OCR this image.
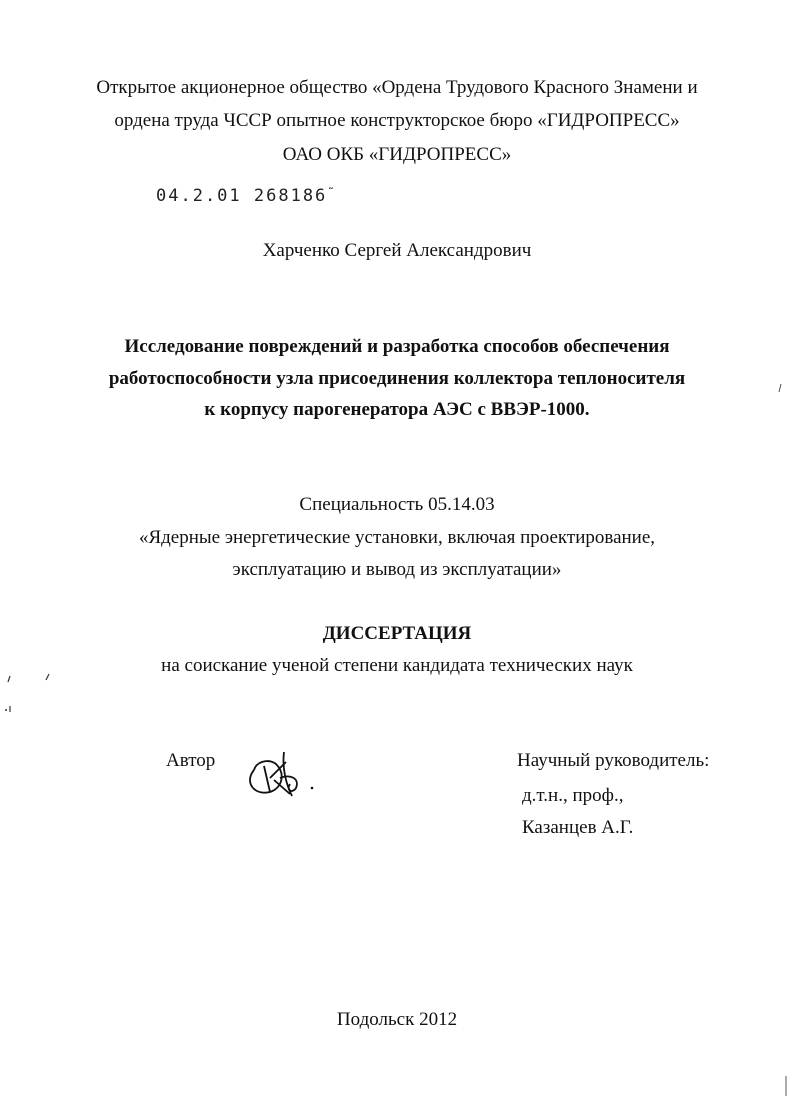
Открытое акционерное общество «Ордена Трудового Красного Знамени и
ордена труда ЧССР опытное конструкторское бюро «ГИДРОПРЕСС»
ОАО ОКБ «ГИДРОПРЕСС»
04.2.01 268186˜
Харченко Сергей Александрович
Исследование повреждений и разработка способов обеспечения
работоспособности узла присоединения коллектора теплоносителя
к корпусу парогенератора АЭС с ВВЭР-1000.
Специальность 05.14.03
«Ядерные энергетические установки, включая проектирование,
эксплуатацию и вывод из эксплуатации»
ДИССЕРТАЦИЯ
на соискание ученой степени кандидата технических наук
Автор	Научный руководитель:
д.т.н., проф.,
Казанцев А.Г.
Подольск 2012
